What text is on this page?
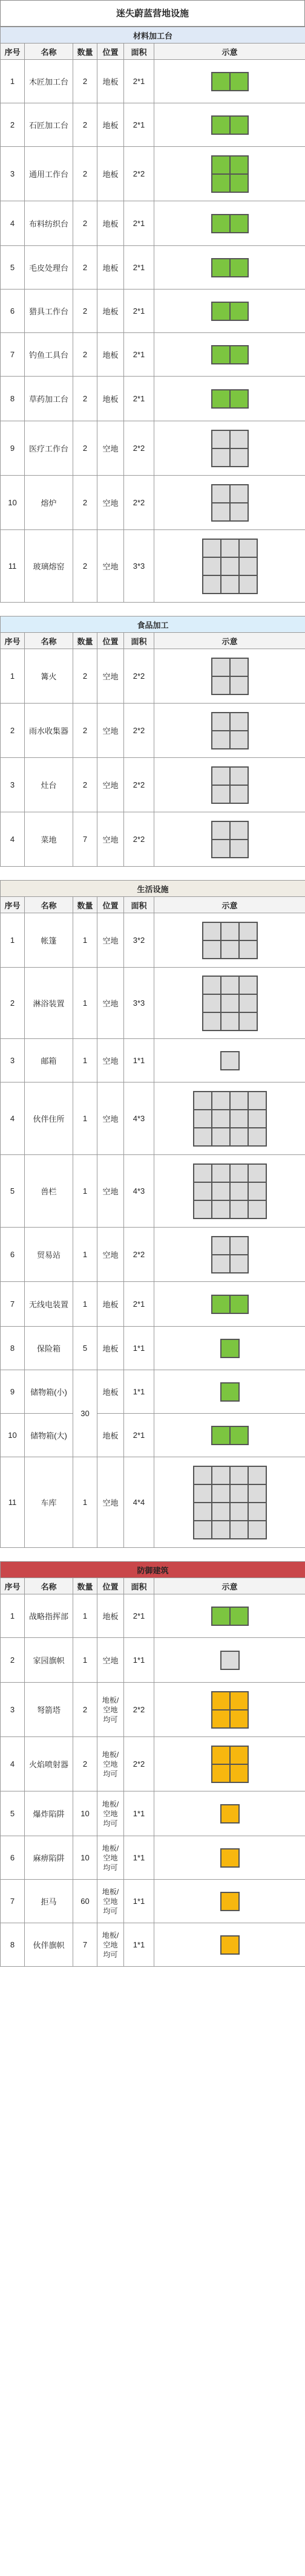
迷失蔚蓝营地设施
材料加工台					
序号	名称	数量	位置	面积	示意
1	木匠加工台	2	地板	2*1	

2	石匠加工台	2	地板	2*1	

3	通用工作台	2	地板	2*2	

4	布料纺织台	2	地板	2*1	

5	毛皮处理台	2	地板	2*1	

6	猎具工作台	2	地板	2*1	

7	钓鱼工具台	2	地板	2*1	

8	草药加工台	2	地板	2*1	

9	医疗工作台	2	空地	2*2	

10	熔炉	2	空地	2*2	

11	玻璃熔窑	2	空地	3*3	
食品加工					
序号	名称	数量	位置	面积	示意
1	篝火	2	空地	2*2	

2	雨水收集器	2	空地	2*2	

3	灶台	2	空地	2*2	

4	菜地	7	空地	2*2	
生活设施					
序号	名称	数量	位置	面积	示意
1	帐篷	1	空地	3*2	

2	淋浴装置	1	空地	3*3	

3	邮箱	1	空地	1*1	

4	伙伴住所	1	空地	4*3	

5	兽栏	1	空地	4*3	

6	贸易站	1	空地	2*2	

7	无线电装置	1	地板	2*1	

8	保险箱	5	地板	1*1	

9	储物箱(小)	30	地板	1*1	

10	储物箱(大)		地板	2*1	

11	车库	1	空地	4*4	
防御建筑					
序号	名称	数量	位置	面积	示意
1	战略指挥部	1	地板	2*1	

2	家园旗帜	1	空地	1*1	

3	弩箭塔	2	地板/空地均可	2*2	

4	火焰喷射器	2	地板/空地均可	2*2	

5	爆炸陷阱	10	地板/空地均可	1*1	

6	麻痹陷阱	10	地板/空地均可	1*1	

7	拒马	60	地板/空地均可	1*1	

8	伙伴旗帜	7	地板/空地均可	1*1	
